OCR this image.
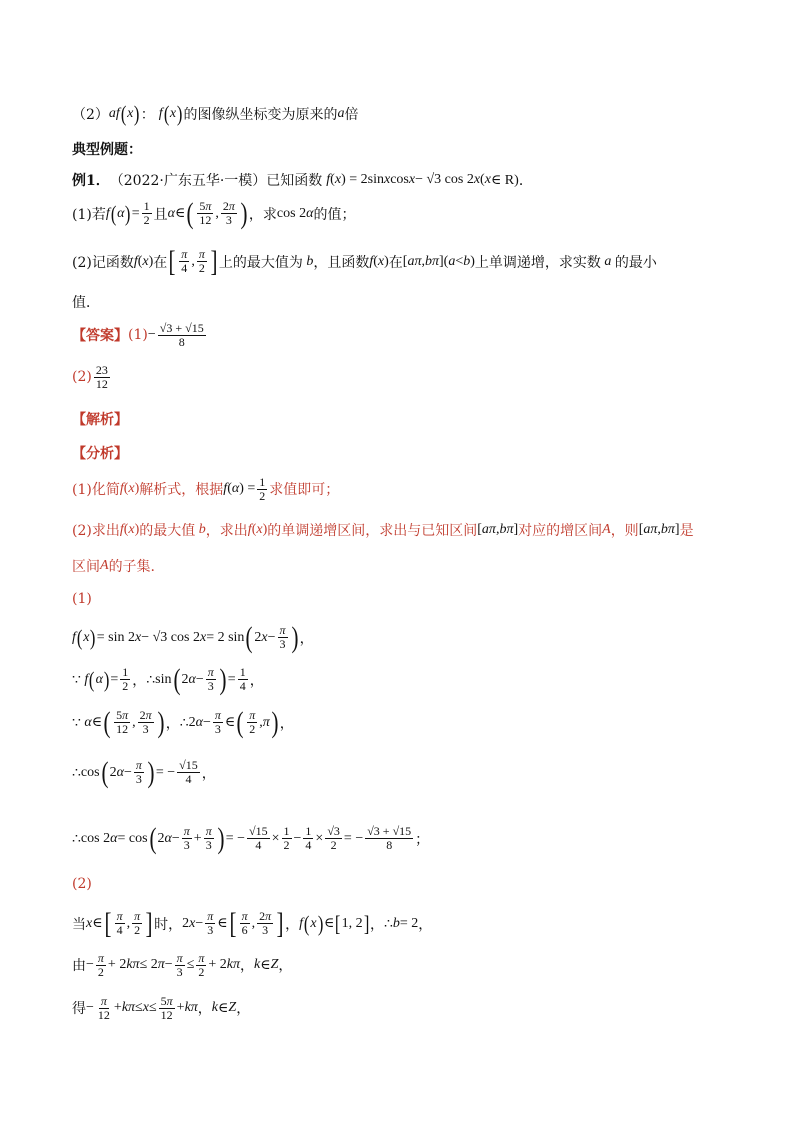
（2） af ( x ) ： f ( x ) 的图像纵坐标变为原来的 a 倍
典型例题：
例1． （2022·广东五华·一模） 已知函数 f ( x ) = 2sin x cos x − √3 cos 2 x ( x ∈ R) ．
(1)若 f ( α ) = $\frac{1}{2}$ 且 α ∈ ( $\frac{5\pi}{12}$ , $\frac{2\pi}{3}$ ) ，求 cos 2 α 的值；
(2)记函数 f ( x ) 在 [ $\frac{\pi}{4}$ , $\frac{\pi}{2}$ ] 上的最大值为 b ，且函数 f ( x ) 在 [ aπ , bπ ] ( a < b ) 上单调递增，求实数 a 的最小
值．
【答案】 $(1) - \frac{√3 + √15}{8}$
$(2) \frac{23}{12}$
【解析】
【分析】
(1)化简 f ( x ) 解析式，根据 f ( α ) = $\frac{1}{2}$ 求值即可；
(2)求出 f ( x ) 的最大值 b ，求出 f ( x ) 的单调递增区间，求出与已知区间 [ aπ , bπ ] 对应的增区间 A ，则 [ aπ , bπ ] 是
区间 A 的子集.
(1)
f ( x ) = sin 2 x − √3 cos 2 x = 2 sin ( 2 $x - \frac{\pi}{3}$ ) ，
∵ f ( α ) = $\frac{1}{2}$ ， ∴ sin ( 2 $\alpha - \frac{\pi}{3}$ ) = $\frac{1}{4}$ ，
∵ α ∈ ( $\frac{5\pi}{12}$ , $\frac{2\pi}{3}$ ) ， ∴ 2 $\alpha - \frac{\pi}{3}$ ∈ ( $\frac{\pi}{2}$ , π ) ，
∴ cos ( 2 $\alpha - \frac{\pi}{3}$ ) = − $\frac{√15}{4}$ ，
∴ cos 2 α = cos ( 2 $\alpha - \frac{\pi}{3} + \frac{\pi}{3}$ ) = − $\frac{√15}{4} \times \frac{1}{2} - \frac{1}{4} \times \frac{√3}{2}$ = − $\frac{√3 + √15}{8}$ ；
(2)
当 x ∈ [ $\frac{\pi}{4}$ , $\frac{\pi}{2}$ ] 时， 2 $x - \frac{\pi}{3}$ ∈ [ $\frac{\pi}{6}$ , $\frac{2\pi}{3}$ ] ， f ( x ) ∈ [ 1, 2 ] ， ∴ b = 2 ，
由 − $\frac{\pi}{2} + 2$ kπ ≤ 2 $\pi - \frac{\pi}{3} \le \frac{\pi}{2} + 2$ kπ ， k ∈ Z ，
得 − $\frac{\pi}{12} + k\pi \le x \le \frac{5\pi}{12} + k\pi$ ， k ∈ Z ，
